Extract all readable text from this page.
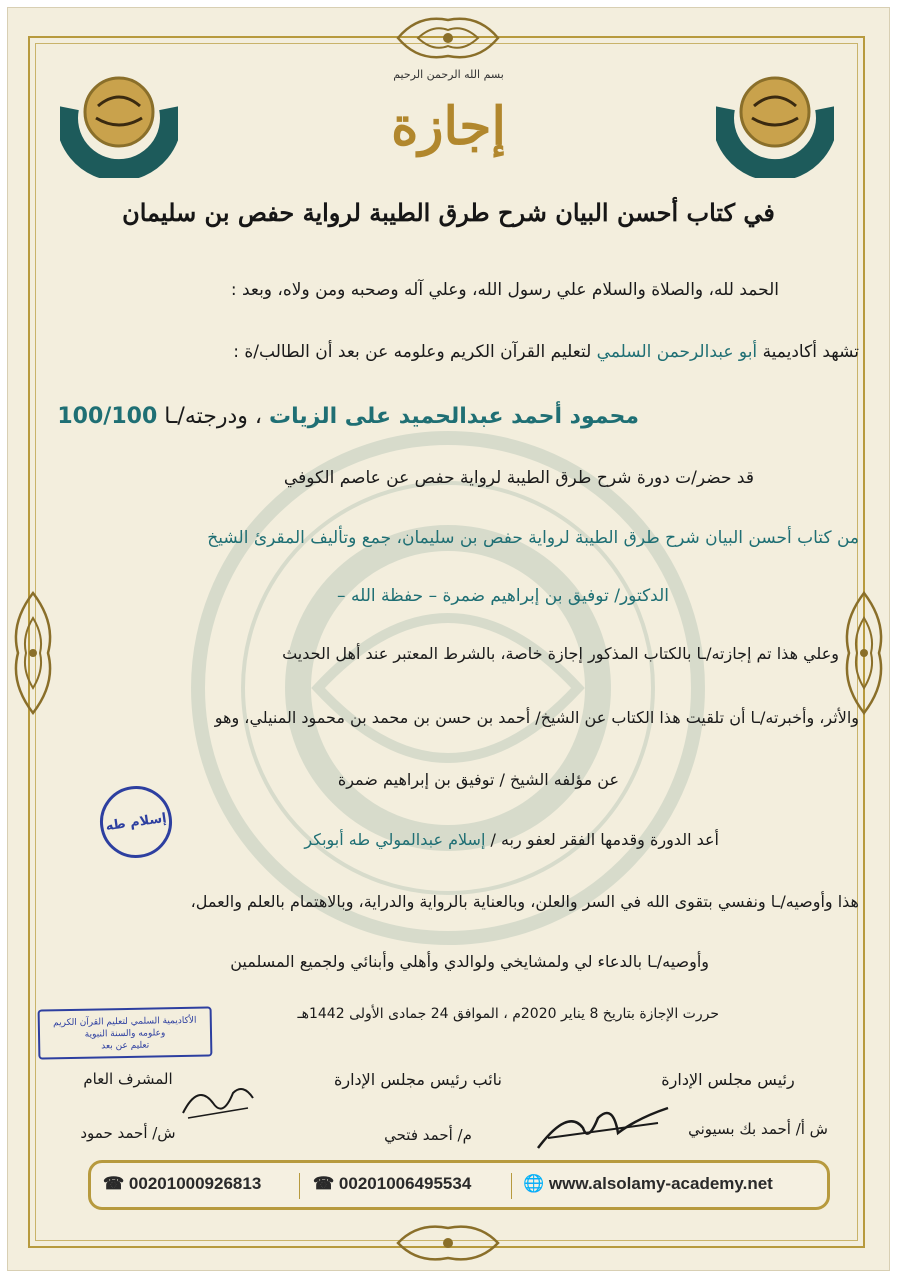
بسم الله الرحمن الرحيم
إجازة
في كتاب أحسن البيان شرح طرق الطيبة لرواية حفص بن سليمان
الحمد لله، والصلاة والسلام علي رسول الله، وعلي آله وصحبه ومن ولاه، وبعد :
تشهد أكاديمية أبو عبدالرحمن السلمي لتعليم القرآن الكريم وعلومه عن بعد أن الطالب/ة :
محمود أحمد عبدالحميد على الزيات ، ودرجته/ـا 100/100
قد حضر/ت دورة شرح طرق الطيبة لرواية حفص عن عاصم الكوفي
من كتاب أحسن البيان شرح طرق الطيبة لرواية حفص بن سليمان، جمع وتأليف المقرئ الشيخ
الدكتور/ توفيق بن إبراهيم ضمرة – حفظة الله –
وعلي هذا تم إجازته/ـا بالكتاب المذكور إجازة خاصة، بالشرط المعتبر عند أهل الحديث
والأثر، وأخبرته/ـا أن تلقيت هذا الكتاب عن الشيخ/ أحمد بن حسن بن محمد بن محمود المنيلي، وهو
عن مؤلفه الشيخ / توفيق بن إبراهيم ضمرة
أعد الدورة وقدمها الفقر لعفو ربه / إسلام عبدالمولي طه أبوبكر
إسلام طه
هذا وأوصيه/ـا ونفسي بتقوى الله في السر والعلن، وبالعناية بالرواية والدراية، وبالاهتمام بالعلم والعمل،
وأوصيه/ـا بالدعاء لي ولمشايخي ولوالدي وأهلي وأبنائي ولجميع المسلمين
حررت الإجازة بتاريخ 8 يناير 2020م ، الموافق 24 جمادى الأولى 1442هـ
الأكاديمية السلمي لتعليم القرآن الكريم
وعلومه والسنة النبوية
تعليم عن بعد
رئيس مجلس الإدارة
ش أ/ أحمد بك بسيوني
نائب رئيس مجلس الإدارة
م/ أحمد فتحي
المشرف العام
ش/ أحمد حمود
☎ 00201000926813	☎ 00201006495534	🌐 www.alsolamy-academy.net
